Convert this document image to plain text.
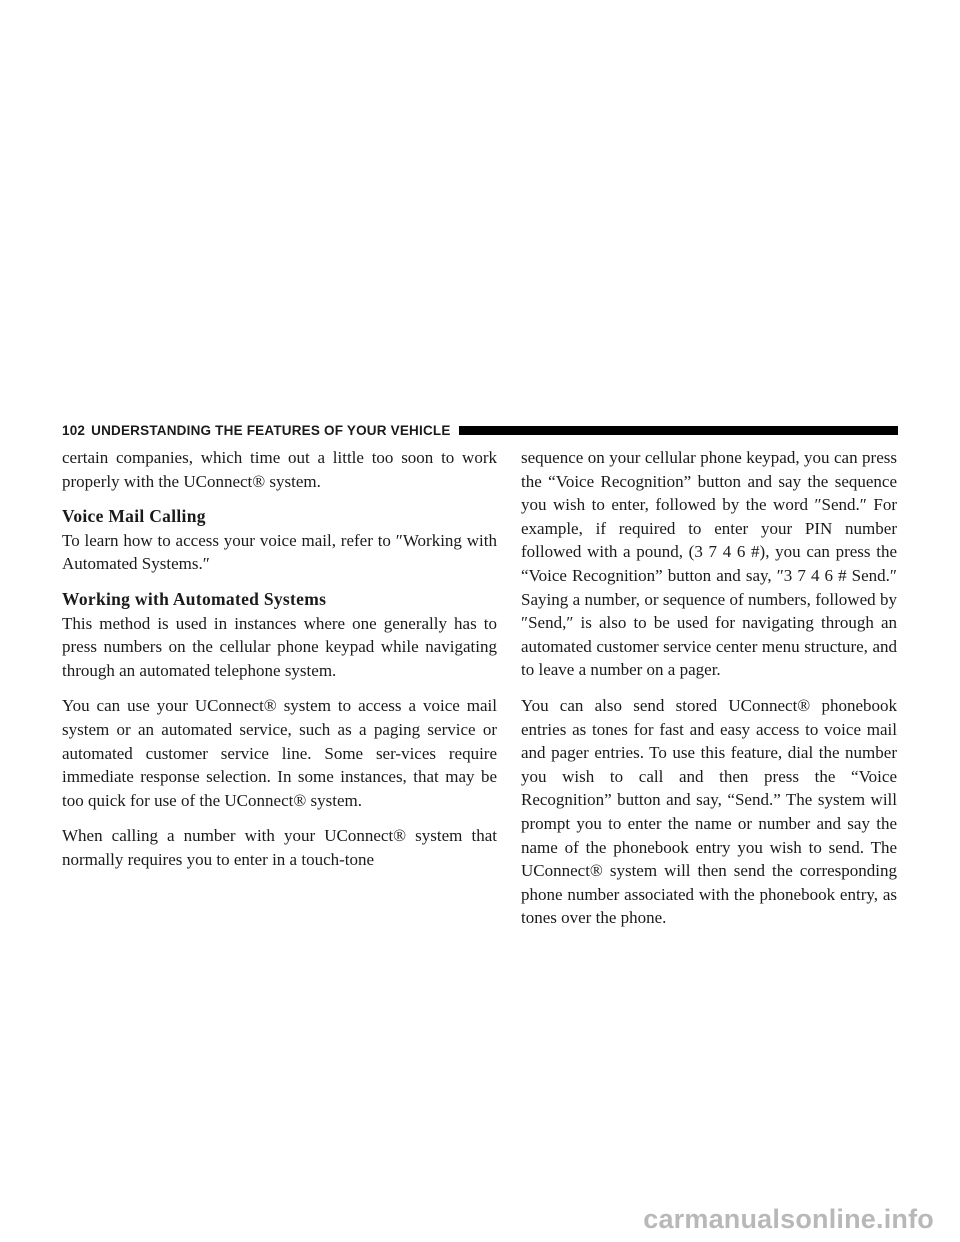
102 UNDERSTANDING THE FEATURES OF YOUR VEHICLE

certain companies, which time out a little too soon to work properly with the UConnect® system.

Voice Mail Calling

To learn how to access your voice mail, refer to ″Working with Automated Systems.″

Working with Automated Systems

This method is used in instances where one generally has to press numbers on the cellular phone keypad while navigating through an automated telephone system.

You can use your UConnect® system to access a voice mail system or an automated service, such as a paging service or automated customer service line. Some ser-vices require immediate response selection. In some instances, that may be too quick for use of the UConnect® system.

When calling a number with your UConnect® system that normally requires you to enter in a touch-tone

sequence on your cellular phone keypad, you can press the “Voice Recognition” button and say the sequence you wish to enter, followed by the word ″Send.″ For example, if required to enter your PIN number followed with a pound, (3 7 4 6 #), you can press the “Voice Recognition” button and say, ″3 7 4 6 # Send.″ Saying a number, or sequence of numbers, followed by ″Send,″ is also to be used for navigating through an automated customer service center menu structure, and to leave a number on a pager.

You can also send stored UConnect® phonebook entries as tones for fast and easy access to voice mail and pager entries. To use this feature, dial the number you wish to call and then press the “Voice Recognition” button and say, “Send.” The system will prompt you to enter the name or number and say the name of the phonebook entry you wish to send. The UConnect® system will then send the corresponding phone number associated with the phonebook entry, as tones over the phone.

carmanualsonline.info
